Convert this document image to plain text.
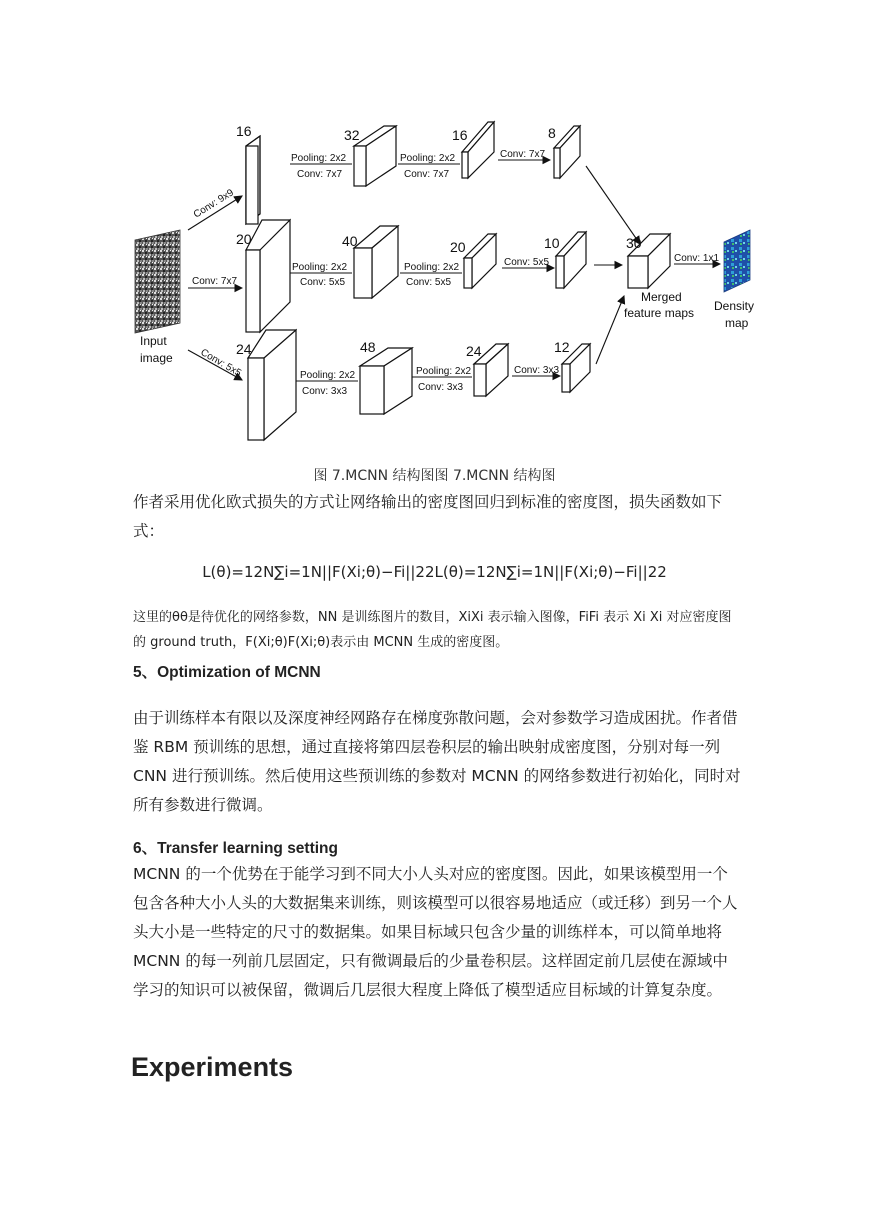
Input
image
Conv: 9x9
Conv: 7x7
Conv: 5x5
16
Pooling: 2x2
Conv: 7x7
32
Pooling: 2x2
Conv: 7x7
16
Conv: 7x7
8
20
Pooling: 2x2
Conv: 5x5
40
Pooling: 2x2
Conv: 5x5
20
Conv: 5x5
10
24
Pooling: 2x2
Conv: 3x3
48
Pooling: 2x2
Conv: 3x3
24
Conv: 3x3
12
30
Merged
feature maps
Conv: 1x1
Density
map
图 7.MCNN 结构图图 7.MCNN 结构图
作者采用优化欧式损失的方式让网络输出的密度图回归到标准的密度图，损失函数如下式：
L(θ)=12N∑i=1N||F(Xi;θ)−Fi||22L(θ)=12N∑i=1N||F(Xi;θ)−Fi||22
这里的θθ是待优化的网络参数，NN 是训练图片的数目，XiXi 表示输入图像，FiFi 表示 Xi Xi 对应密度图的 ground truth，F(Xi;θ)F(Xi;θ)表示由 MCNN 生成的密度图。
5、Optimization of MCNN
由于训练样本有限以及深度神经网路存在梯度弥散问题，会对参数学习造成困扰。作者借鉴 RBM 预训练的思想，通过直接将第四层卷积层的输出映射成密度图，分别对每一列 CNN 进行预训练。然后使用这些预训练的参数对 MCNN 的网络参数进行初始化，同时对所有参数进行微调。
6、Transfer learning setting
MCNN 的一个优势在于能学习到不同大小人头对应的密度图。因此，如果该模型用一个包含各种大小人头的大数据集来训练，则该模型可以很容易地适应（或迁移）到另一个人头大小是一些特定的尺寸的数据集。如果目标域只包含少量的训练样本，可以简单地将 MCNN 的每一列前几层固定，只有微调最后的少量卷积层。这样固定前几层使在源域中学习的知识可以被保留，微调后几层很大程度上降低了模型适应目标域的计算复杂度。
Experiments
